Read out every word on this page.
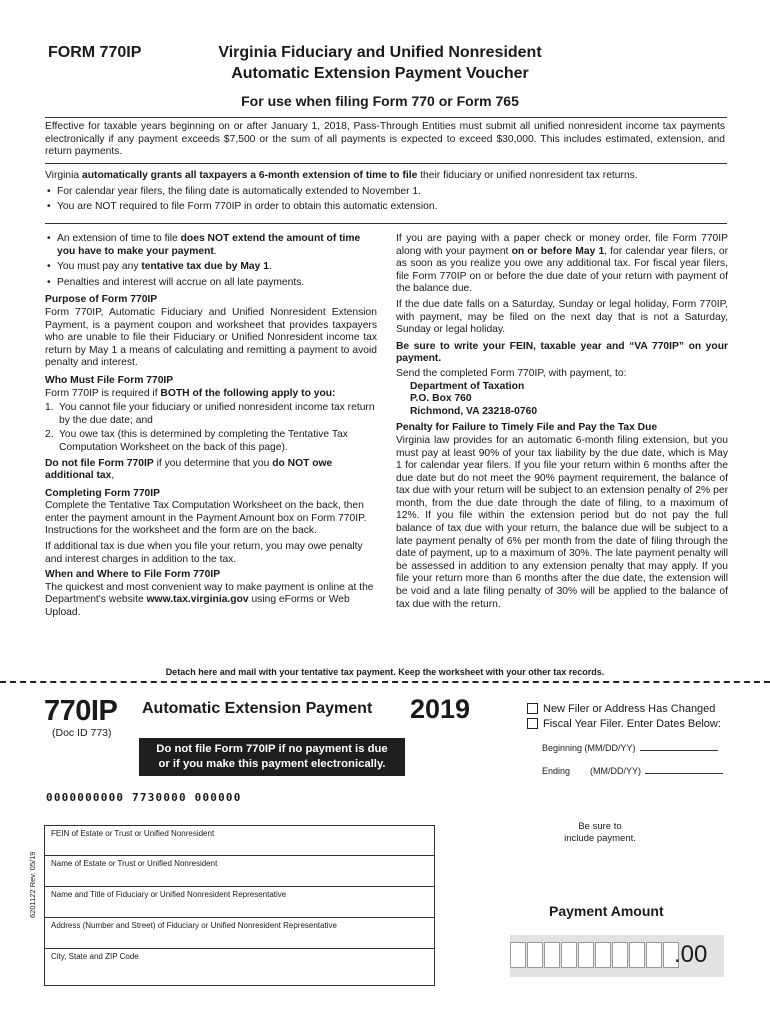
FORM 770IP	Virginia Fiduciary and Unified Nonresident
Automatic Extension Payment Voucher
For use when filing Form 770 or Form 765
Effective for taxable years beginning on or after January 1, 2018, Pass-Through Entities must submit all unified nonresident income tax payments electronically if any payment exceeds $7,500 or the sum of all payments is expected to exceed $30,000. This includes estimated, extension, and return payments.
Virginia automatically grants all taxpayers a 6-month extension of time to file their fiduciary or unified nonresident tax returns.
• For calendar year filers, the filing date is automatically extended to November 1.
• You are NOT required to file Form 770IP in order to obtain this automatic extension.
• An extension of time to file does NOT extend the amount of time you have to make your payment.
• You must pay any tentative tax due by May 1.
• Penalties and interest will accrue on all late payments.
Purpose of Form 770IP
Form 770IP, Automatic Fiduciary and Unified Nonresident Extension Payment, is a payment coupon and worksheet that provides taxpayers who are unable to file their Fiduciary or Unified Nonresident income tax return by May 1 a means of calculating and remitting a payment to avoid penalty and interest.
Who Must File Form 770IP
Form 770IP is required if BOTH of the following apply to you:
1. You cannot file your fiduciary or unified nonresident income tax return by the due date; and
2. You owe tax (this is determined by completing the Tentative Tax Computation Worksheet on the back of this page).
Do not file Form 770IP if you determine that you do NOT owe additional tax,
Completing Form 770IP
Complete the Tentative Tax Computation Worksheet on the back, then enter the payment amount in the Payment Amount box on Form 770IP. Instructions for the worksheet and the form are on the back.
If additional tax is due when you file your return, you may owe penalty and interest charges in addition to the tax.
When and Where to File Form 770IP
The quickest and most convenient way to make payment is online at the Department's website www.tax.virginia.gov using eForms or Web Upload.
If you are paying with a paper check or money order, file Form 770IP along with your payment on or before May 1, for calendar year filers, or as soon as you realize you owe any additional tax. For fiscal year filers, file Form 770IP on or before the due date of your return with payment of the balance due.
If the due date falls on a Saturday, Sunday or legal holiday, Form 770IP, with payment, may be filed on the next day that is not a Saturday, Sunday or legal holiday.
Be sure to write your FEIN, taxable year and “VA 770IP” on your payment.
Send the completed Form 770IP, with payment, to:
Department of Taxation
P.O. Box 760
Richmond, VA 23218-0760
Penalty for Failure to Timely File and Pay the Tax Due
Virginia law provides for an automatic 6-month filing extension, but you must pay at least 90% of your tax liability by the due date, which is May 1 for calendar year filers. If you file your return within 6 months after the due date but do not meet the 90% payment requirement, the balance of tax due with your return will be subject to an extension penalty of 2% per month, from the due date through the date of filing, to a maximum of 12%. If you file within the extension period but do not pay the full balance of tax due with your return, the balance due will be subject to a late payment penalty of 6% per month from the date of filing through the date of payment, up to a maximum of 30%. The late payment penalty will be assessed in addition to any extension penalty that may apply. If you file your return more than 6 months after the due date, the extension will be void and a late filing penalty of 30% will be applied to the balance of tax due with the return.
Detach here and mail with your tentative tax payment. Keep the worksheet with your other tax records.
770IP
(Doc ID 773)
Automatic Extension Payment 2019
Do not file Form 770IP if no payment is due
or if you make this payment electronically.
New Filer or Address Has Changed
Fiscal Year Filer. Enter Dates Below:
Beginning (MM/DD/YY)
Ending (MM/DD/YY)
0000000000 7730000 000000
FEIN of Estate or Trust or Unified Nonresident
Name of Estate or Trust or Unified Nonresident
Name and Title of Fiduciary or Unified Nonresident Representative
Address (Number and Street) of Fiduciary or Unified Nonresident Representative
City, State and ZIP Code
6201122 Rev. 05/19
Be sure to
include payment.
Payment Amount
.00
